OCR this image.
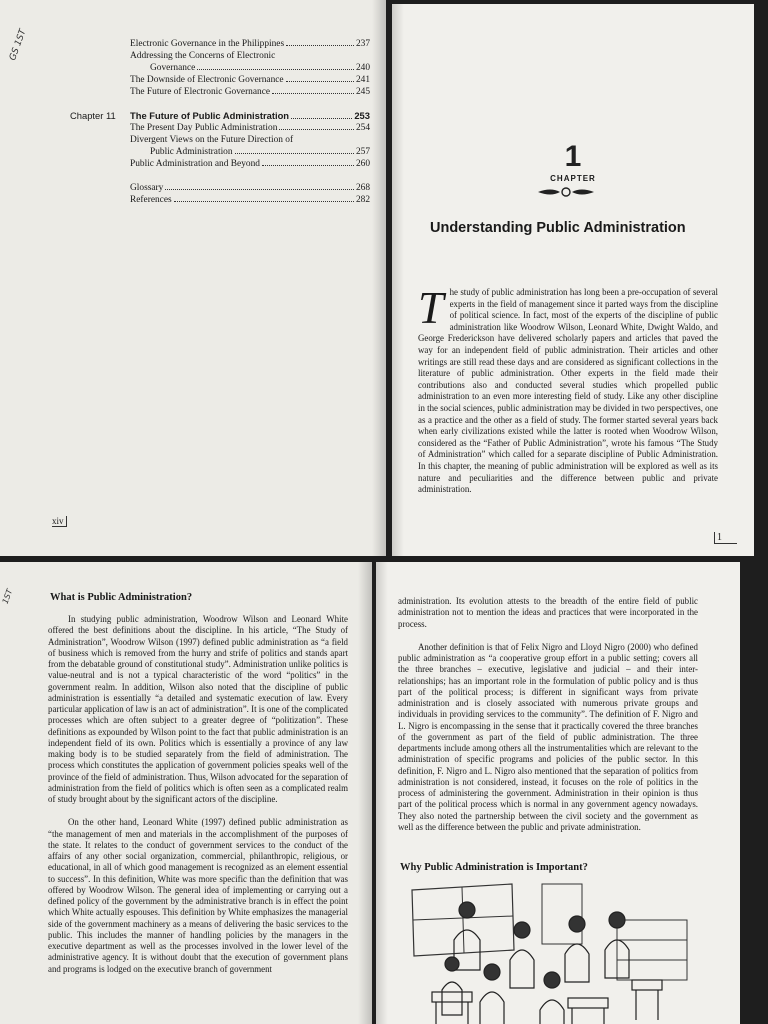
GS 1ST	Electronic Governance in the Philippines	237
Addressing the Concerns of Electronic
Governance	240
The Downside of Electronic Governance	241
The Future of Electronic Governance	245
Chapter 11	The Future of Public Administration	253
The Present Day Public Administration	254
Divergent Views on the Future Direction of
Public Administration	257
Public Administration and Beyond	260
Glossary	268
References	282
xiv
1
CHAPTER
Understanding Public Administration
The study of public administration has long been a pre-occupation of several experts in the field of management since it parted ways from the discipline of political science. In fact, most of the experts of the discipline of public administration like Woodrow Wilson, Leonard White, Dwight Waldo, and George Frederickson have delivered scholarly papers and articles that paved the way for an independent field of public administration. Their articles and other writings are still read these days and are considered as significant collections in the literature of public administration. Other experts in the field made their contributions also and conducted several studies which propelled public administration to an even more interesting field of study. Like any other discipline in the social sciences, public administration may be divided in two perspectives, one as a practice and the other as a field of study. The former started several years back when early civilizations existed while the latter is rooted when Woodrow Wilson, considered as the “Father of Public Administration”, wrote his famous “The Study of Administration” which called for a separate discipline of Public Administration. In this chapter, the meaning of public administration will be explored as well as its nature and peculiarities and the difference between public and private administration.
1
1ST	What is Public Administration?

In studying public administration, Woodrow Wilson and Leonard White offered the best definitions about the discipline. In his article, “The Study of Administration”, Woodrow Wilson (1997) defined public administration as “a field of business which is removed from the hurry and strife of politics and stands apart from the debatable ground of constitutional study”. Administration unlike politics is value-neutral and is not a typical characteristic of the word “politics” in the government realm. In addition, Wilson also noted that the discipline of public administration is essentially “a detailed and systematic execution of law. Every particular application of law is an act of administration”. It is one of the complicated processes which are often subject to a greater degree of “politization”. These definitions as expounded by Wilson point to the fact that public administration is an independent field of its own. Politics which is essentially a province of any law making body is to be studied separately from the field of administration. The process which constitutes the application of government policies speaks well of the province of the field of administration. Thus, Wilson advocated for the separation of administration from the field of politics which is often seen as a complicated realm of study brought about by the significant actors of the discipline.

On the other hand, Leonard White (1997) defined public administration as “the management of men and materials in the accomplishment of the purposes of the state. It relates to the conduct of government services to the conduct of the affairs of any other social organization, commercial, philanthropic, religious, or educational, in all of which good management is recognized as an element essential to success”. In this definition, White was more specific than the definition that was offered by Woodrow Wilson. The general idea of implementing or carrying out a defined policy of the government by the administrative branch is in effect the point which White actually espouses. This definition by White emphasizes the managerial side of the government machinery as a means of delivering the basic services to the public. This includes the manner of handling policies by the managers in the executive department as well as the processes involved in the lower level of the administrative agency. It is without doubt that the execution of government plans and programs is lodged on the executive branch of government

administration. Its evolution attests to the breadth of the entire field of public administration not to mention the ideas and practices that were incorporated in the process.

Another definition is that of Felix Nigro and Lloyd Nigro (2000) who defined public administration as “a cooperative group effort in a public setting; covers all the three branches – executive, legislative and judicial – and their inter-relationships; has an important role in the formulation of public policy and is thus part of the political process; is different in significant ways from private administration and is closely associated with numerous private groups and individuals in providing services to the community”. The definition of F. Nigro and L. Nigro is encompassing in the sense that it practically covered the three branches of the government as part of the field of public administration. The three departments include among others all the instrumentalities which are relevant to the administration of specific programs and policies of the public sector. In this definition, F. Nigro and L. Nigro also mentioned that the separation of politics from administration is not considered, instead, it focuses on the role of politics in the process of administering the government. Administration in their opinion is thus part of the political process which is normal in any government agency nowadays. They also noted the partnership between the civil society and the government as well as the difference between the public and private administration.

Why Public Administration is Important?
